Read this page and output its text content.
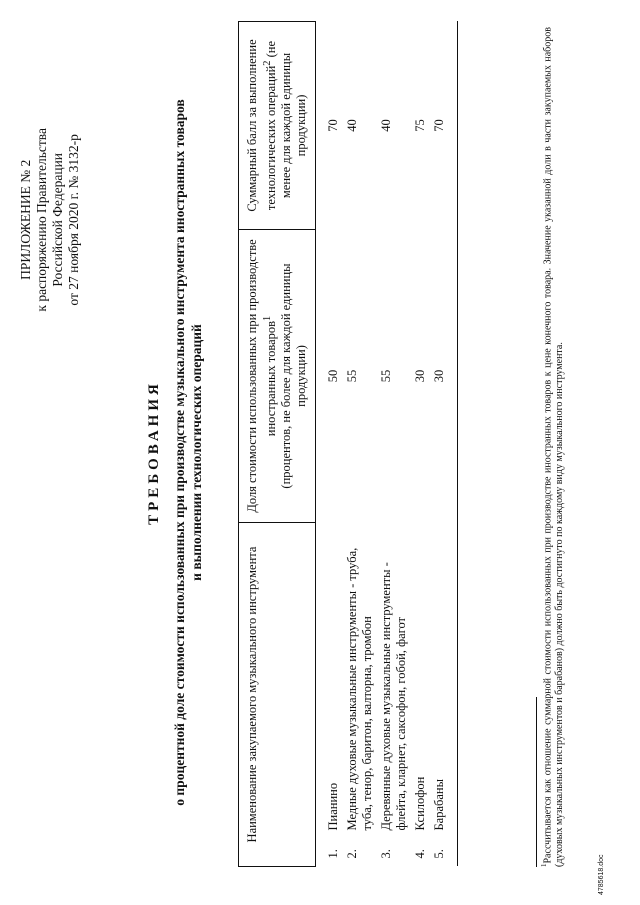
ПРИЛОЖЕНИЕ № 2 к распоряжению Правительства Российской Федерации от 27 ноября 2020 г. № 3132-р
ТРЕБОВАНИЯ о процентной доле стоимости использованных при производстве музыкального инструмента иностранных товаров и выполнении технологических операций
Наименование закупаемого музыкального инструмента		Доля стоимости использованных при производстве иностранных товаров$^1$ (процентов, не более для каждой единицы продукции)	Суммарный балл за выполнение технологических операций$^2$ (не менее для каждой единицы продукции)
1.	Пианино	50	70
2.	Медные духовые музыкальные инструменты - труба, туба, тенор, баритон, валторна, тромбон	55	40
3.	Деревянные духовые музыкальные инструменты - флейта, кларнет, саксофон, гобой, фагот	55	40
4.	Ксилофон	30	75
5.	Барабаны	30	70
$^1$Рассчитывается как отношение суммарной стоимости использованных при производстве иностранных товаров к цене конечного товара. Значение указанной доли в части закупаемых наборов (духовых музыкальных инструментов и барабанов) должно быть достигнуто по каждому виду музыкального инструмента.
4785618.doc
